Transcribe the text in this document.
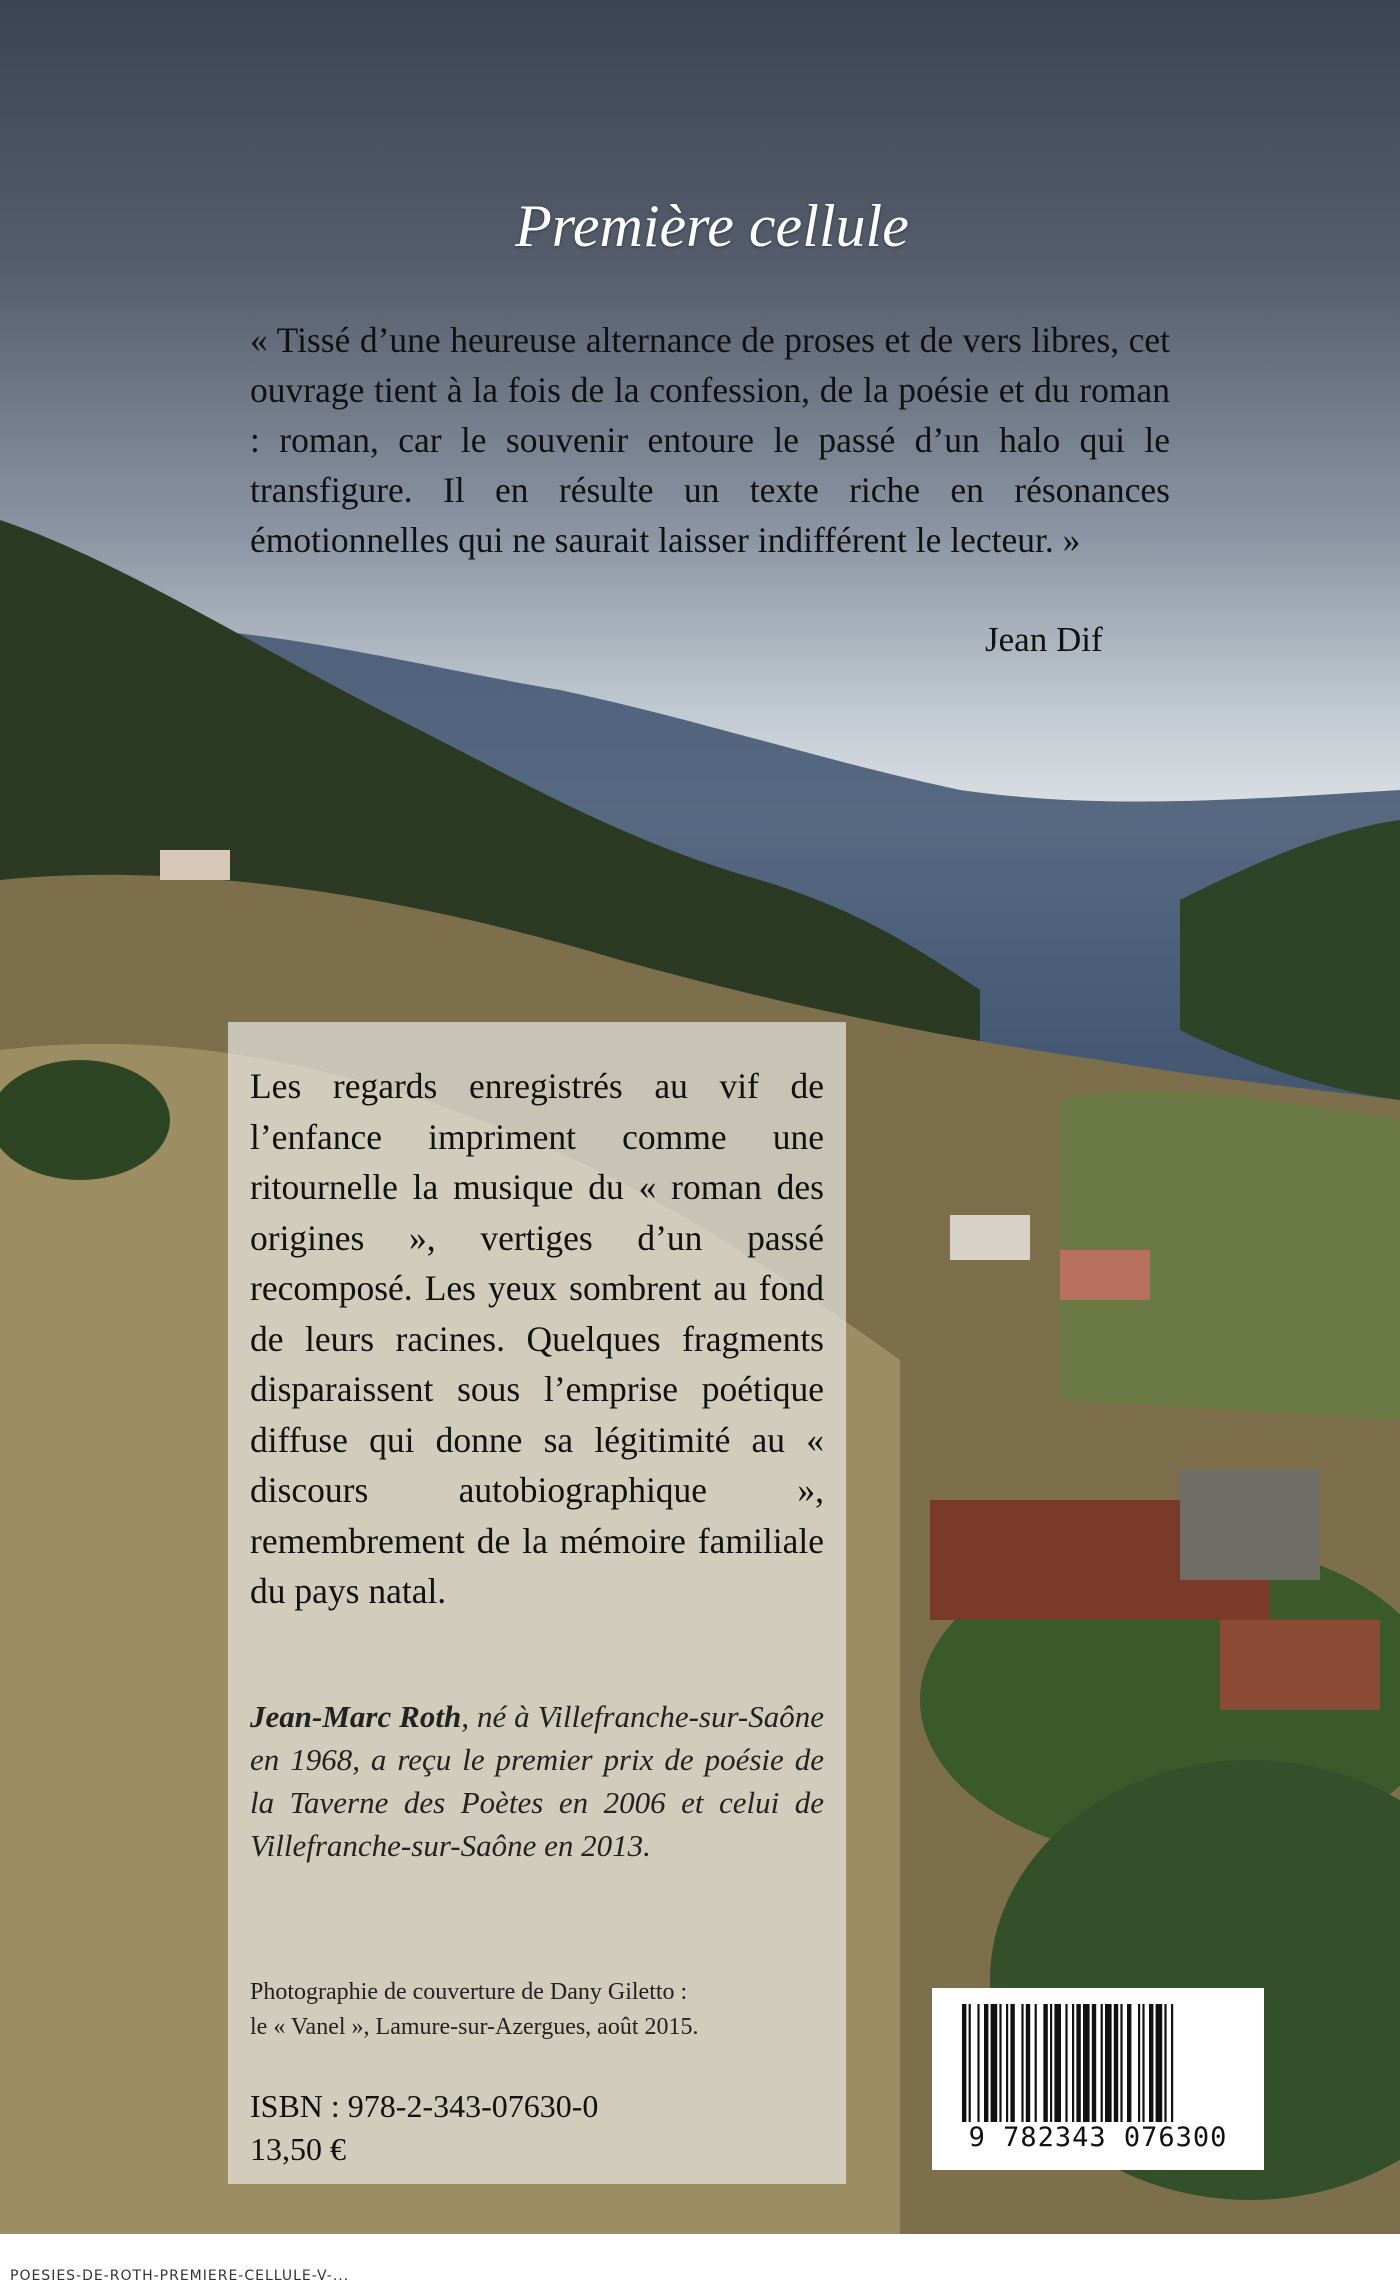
Première cellule
« Tissé d’une heureuse alternance de proses et de vers libres, cet ouvrage tient à la fois de la confession, de la poésie et du roman : roman, car le souvenir entoure le passé d’un halo qui le transfigure. Il en résulte un texte riche en résonances émotionnelles qui ne saurait laisser indifférent le lecteur. »
Jean Dif
Les regards enregistrés au vif de l’enfance impriment comme une ritournelle la musique du « roman des origines », vertiges d’un passé recomposé. Les yeux sombrent au fond de leurs racines. Quelques fragments disparaissent sous l’emprise poétique diffuse qui donne sa légitimité au « discours autobiographique », remembrement de la mémoire familiale du pays natal.
Jean-Marc Roth, né à Villefranche-sur-Saône en 1968, a reçu le premier prix de poésie de la Taverne des Poètes en 2006 et celui de Villefranche-sur-Saône en 2013.
Photographie de couverture de Dany Giletto :
le « Vanel », Lamure-sur-Azergues, août 2015.
ISBN : 978-2-343-07630-0
13,50 €	9 782343 076300
POESIES-DE-ROTH-PREMIERE-CELLULE-V-...
